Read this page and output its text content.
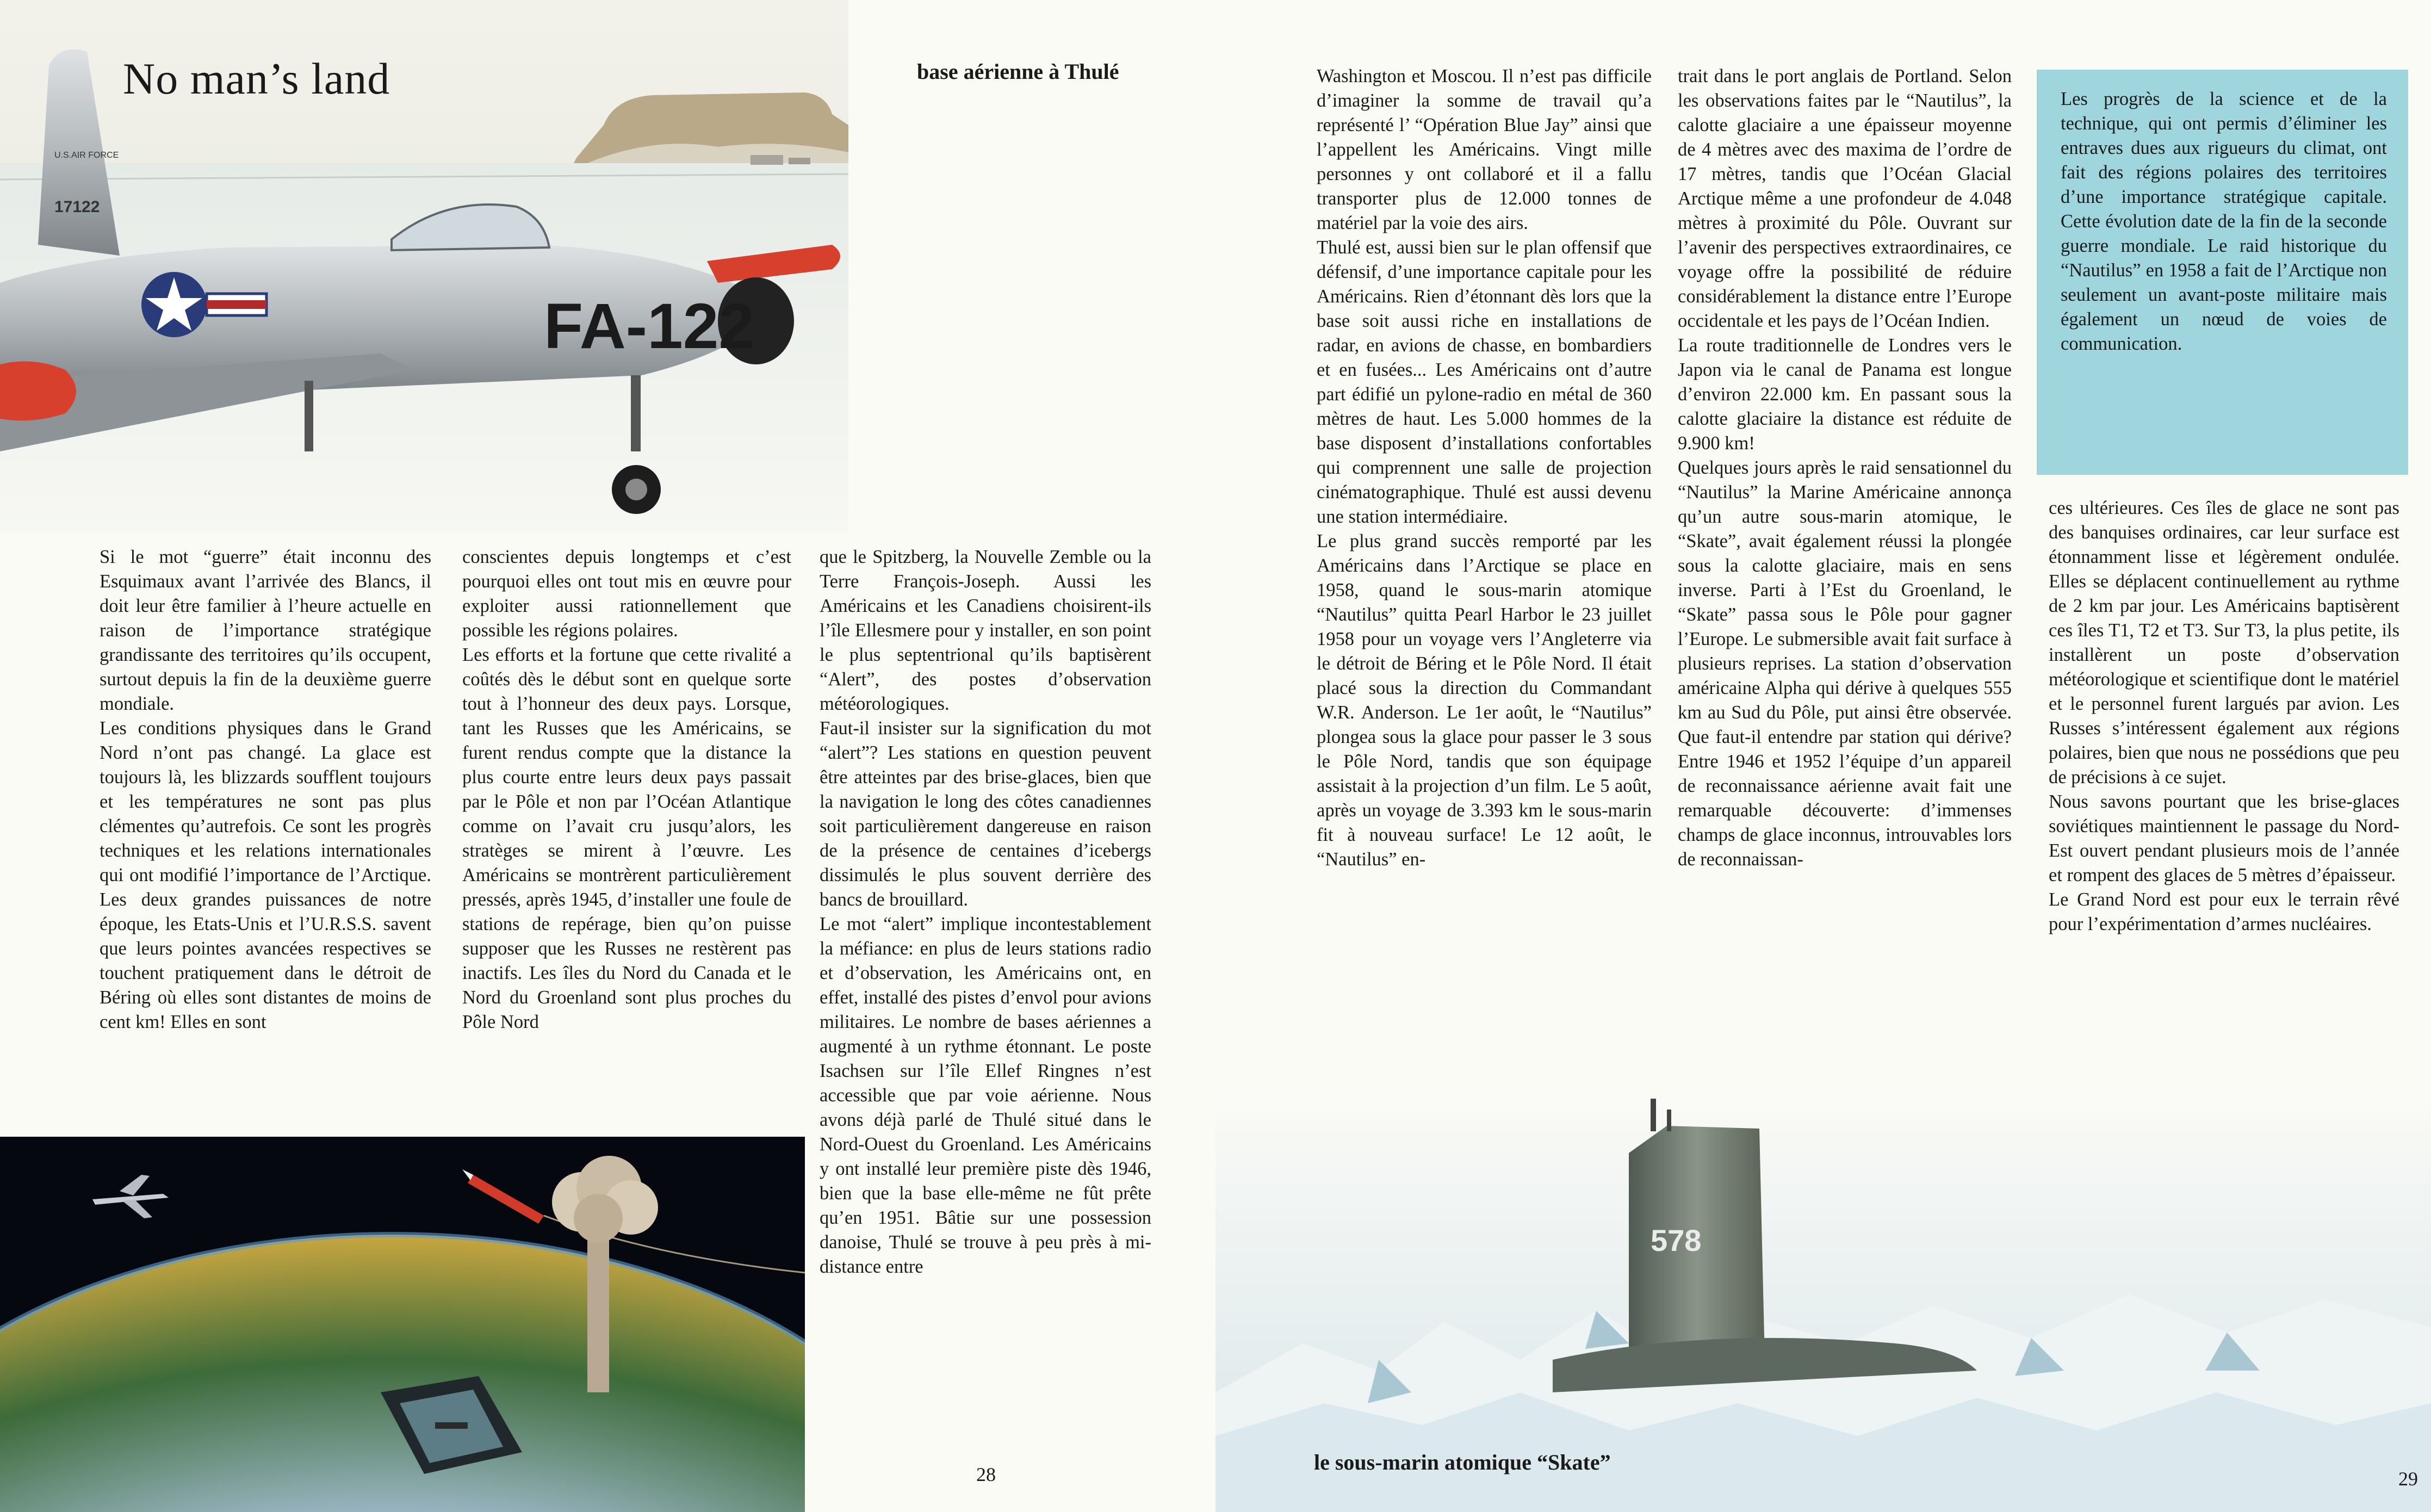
U.S.AIR FORCE
17122
FA-122
No man’s land	base aérienne à Thulé

Si le mot “guerre” était inconnu des Esquimaux avant l’arrivée des Blancs, il doit leur être familier à l’heure actuelle en raison de l’importance stratégique grandissante des territoires qu’ils occupent, surtout depuis la fin de la deuxième guerre mondiale.

Les conditions physiques dans le Grand Nord n’ont pas changé. La glace est toujours là, les blizzards soufflent toujours et les températures ne sont pas plus clémentes qu’autrefois. Ce sont les progrès techniques et les relations internationales qui ont modifié l’importance de l’Arctique. Les deux grandes puissances de notre époque, les Etats-Unis et l’U.R.S.S. savent que leurs pointes avancées respectives se touchent pratiquement dans le détroit de Béring où elles sont distantes de moins de cent km! Elles en sont

conscientes depuis longtemps et c’est pourquoi elles ont tout mis en œuvre pour exploiter aussi rationnellement que possible les régions polaires.

Les efforts et la fortune que cette rivalité a coûtés dès le début sont en quelque sorte tout à l’honneur des deux pays. Lorsque, tant les Russes que les Américains, se furent rendus compte que la distance la plus courte entre leurs deux pays passait par le Pôle et non par l’Océan Atlantique comme on l’avait cru jusqu’alors, les stratèges se mirent à l’œuvre. Les Américains se montrèrent particulièrement pressés, après 1945, d’installer une foule de stations de repérage, bien qu’on puisse supposer que les Russes ne restèrent pas inactifs. Les îles du Nord du Canada et le Nord du Groenland sont plus proches du Pôle Nord

que le Spitzberg, la Nouvelle Zemble ou la Terre François-Joseph. Aussi les Américains et les Canadiens choisirent-ils l’île Ellesmere pour y installer, en son point le plus septentrional qu’ils baptisèrent “Alert”, des postes d’observation météorologiques.

Faut-il insister sur la signification du mot “alert”? Les stations en question peuvent être atteintes par des brise-glaces, bien que la navigation le long des côtes canadiennes soit particulièrement dangereuse en raison de la présence de centaines d’icebergs dissimulés le plus souvent derrière des bancs de brouillard.

Le mot “alert” implique incontestablement la méfiance: en plus de leurs stations radio et d’observation, les Américains ont, en effet, installé des pistes d’envol pour avions militaires. Le nombre de bases aériennes a augmenté à un rythme étonnant. Le poste Isachsen sur l’île Ellef Ringnes n’est accessible que par voie aérienne. Nous avons déjà parlé de Thulé situé dans le Nord-Ouest du Groenland. Les Américains y ont installé leur première piste dès 1946, bien que la base elle-même ne fût prête qu’en 1951. Bâtie sur une possession danoise, Thulé se trouve à peu près à mi-distance entre

28

Washington et Moscou. Il n’est pas difficile d’imaginer la somme de travail qu’a représenté l’ “Opération Blue Jay” ainsi que l’appellent les Américains. Vingt mille personnes y ont collaboré et il a fallu transporter plus de 12.000 tonnes de matériel par la voie des airs.

Thulé est, aussi bien sur le plan offensif que défensif, d’une importance capitale pour les Américains. Rien d’étonnant dès lors que la base soit aussi riche en installations de radar, en avions de chasse, en bombardiers et en fusées... Les Américains ont d’autre part édifié un pylone-radio en métal de 360 mètres de haut. Les 5.000 hommes de la base disposent d’installations confortables qui comprennent une salle de projection cinématographique. Thulé est aussi devenu une station intermédiaire.

Le plus grand succès remporté par les Américains dans l’Arctique se place en 1958, quand le sous-marin atomique “Nautilus” quitta Pearl Harbor le 23 juillet 1958 pour un voyage vers l’Angleterre via le détroit de Béring et le Pôle Nord. Il était placé sous la direction du Commandant W.R. Anderson. Le 1er août, le “Nautilus” plongea sous la glace pour passer le 3 sous le Pôle Nord, tandis que son équipage assistait à la projection d’un film. Le 5 août, après un voyage de 3.393 km le sous-marin fit à nouveau surface! Le 12 août, le “Nautilus” en-

trait dans le port anglais de Portland. Selon les observations faites par le “Nautilus”, la calotte glaciaire a une épaisseur moyenne de 4 mètres avec des maxima de l’ordre de 17 mètres, tandis que l’Océan Glacial Arctique même a une profondeur de 4.048 mètres à proximité du Pôle. Ouvrant sur l’avenir des perspectives extraordinaires, ce voyage offre la possibilité de réduire considérablement la distance entre l’Europe occidentale et les pays de l’Océan Indien.

La route traditionnelle de Londres vers le Japon via le canal de Panama est longue d’environ 22.000 km. En passant sous la calotte glaciaire la distance est réduite de 9.900 km!

Quelques jours après le raid sensationnel du “Nautilus” la Marine Américaine annonça qu’un autre sous-marin atomique, le “Skate”, avait également réussi la plongée sous la calotte glaciaire, mais en sens inverse. Parti à l’Est du Groenland, le “Skate” passa sous le Pôle pour gagner l’Europe. Le submersible avait fait surface à plusieurs reprises. La station d’observation américaine Alpha qui dérive à quelques 555 km au Sud du Pôle, put ainsi être observée. Que faut-il entendre par station qui dérive? Entre 1946 et 1952 l’équipe d’un appareil de reconnaissance aérienne avait fait une remarquable découverte: d’immenses champs de glace inconnus, introuvables lors de reconnaissan-

Les progrès de la science et de la technique, qui ont permis d’éliminer les entraves dues aux rigueurs du climat, ont fait des régions polaires des territoires d’une importance stratégique capitale. Cette évolution date de la fin de la seconde guerre mondiale. Le raid historique du “Nautilus” en 1958 a fait de l’Arctique non seulement un avant-poste militaire mais également un nœud de voies de communication.

ces ultérieures. Ces îles de glace ne sont pas des banquises ordinaires, car leur surface est étonnamment lisse et légèrement ondulée. Elles se déplacent continuellement au rythme de 2 km par jour. Les Américains baptisèrent ces îles T1, T2 et T3. Sur T3, la plus petite, ils installèrent un poste d’observation météorologique et scientifique dont le matériel et le personnel furent largués par avion. Les Russes s’intéressent également aux régions polaires, bien que nous ne possédions que peu de précisions à ce sujet.

Nous savons pourtant que les brise-glaces soviétiques maintiennent le passage du Nord-Est ouvert pendant plusieurs mois de l’année et rompent des glaces de 5 mètres d’épaisseur.

Le Grand Nord est pour eux le terrain rêvé pour l’expérimentation d’armes nucléaires.

578
le sous-marin atomique “Skate”
29
